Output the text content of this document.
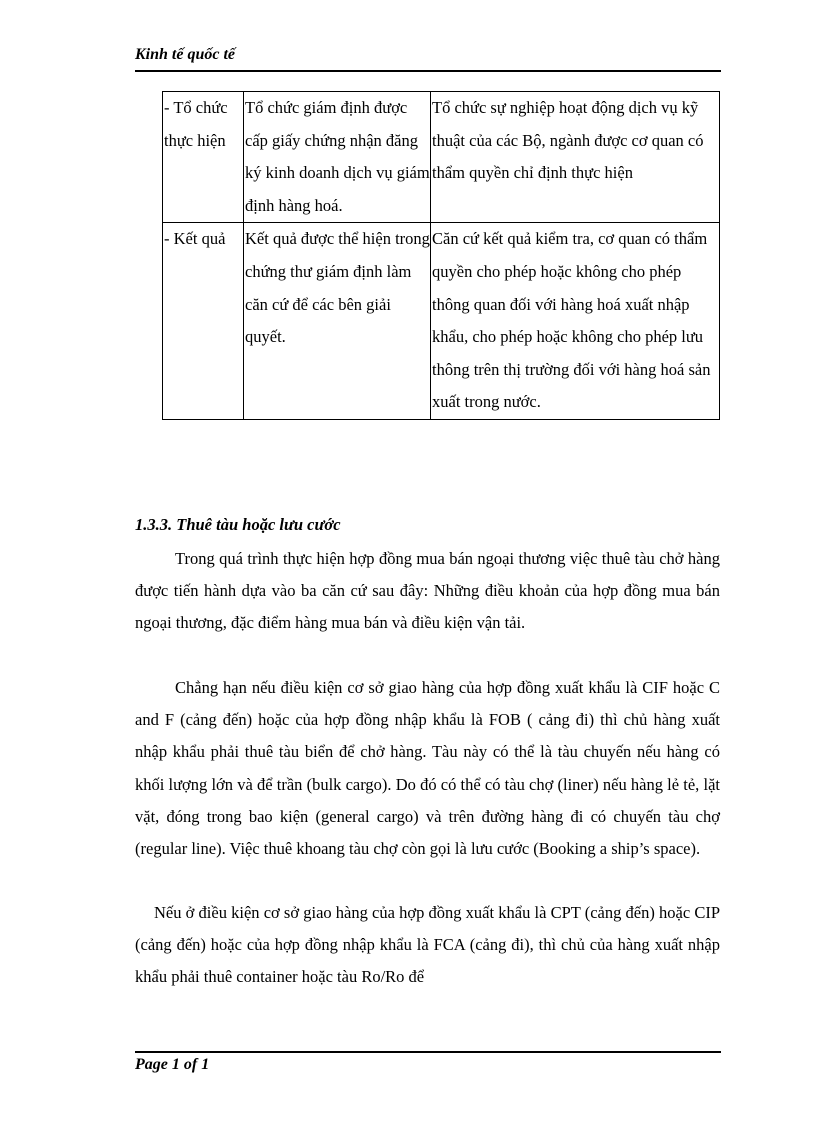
Kinh tế quốc tế
- Tổ chức thực hiện	Tổ chức giám định được cấp giấy chứng nhận đăng ký kinh doanh dịch vụ giám định hàng hoá.	Tổ chức sự nghiệp hoạt động dịch vụ kỹ thuật của các Bộ, ngành được cơ quan có thẩm quyền chỉ định thực hiện
- Kết quả	Kết quả được thể hiện trong chứng thư giám định làm căn cứ để các bên giải quyết.	Căn cứ kết quả kiểm tra, cơ quan có thẩm quyền cho phép hoặc không cho phép thông quan đối với hàng hoá xuất nhập khẩu, cho phép hoặc không cho phép lưu thông trên thị trường đối với hàng hoá sản xuất trong nước.
1.3.3. Thuê tàu hoặc lưu cước

Trong quá trình thực hiện hợp đồng mua bán ngoại thương việc thuê tàu chở hàng được tiến hành dựa vào ba căn cứ sau đây: Những điều khoản của hợp đồng mua bán ngoại thương, đặc điểm hàng mua bán và điều kiện vận tải.

Chẳng hạn nếu điều kiện cơ sở giao hàng của hợp đồng xuất khẩu là CIF hoặc C and F (cảng đến) hoặc của hợp đồng nhập khẩu là FOB ( cảng đi) thì chủ hàng xuất nhập khẩu phải thuê tàu biển để chở hàng. Tàu này có thể là tàu chuyến nếu hàng có khối lượng lớn và để trần (bulk cargo). Do đó có thể có tàu chợ (liner) nếu hàng lẻ tẻ, lặt vặt, đóng trong bao kiện (general cargo) và trên đường hàng đi có chuyến tàu chợ (regular line). Việc thuê khoang tàu chợ còn gọi là lưu cước (Booking a ship’s space).

Nếu ở điều kiện cơ sở giao hàng của hợp đồng xuất khẩu là CPT (cảng đến) hoặc CIP (cảng đến) hoặc của hợp đồng nhập khẩu là FCA (cảng đi), thì chủ của hàng xuất nhập khẩu phải thuê container hoặc tàu Ro/Ro để

Page 1 of 1
